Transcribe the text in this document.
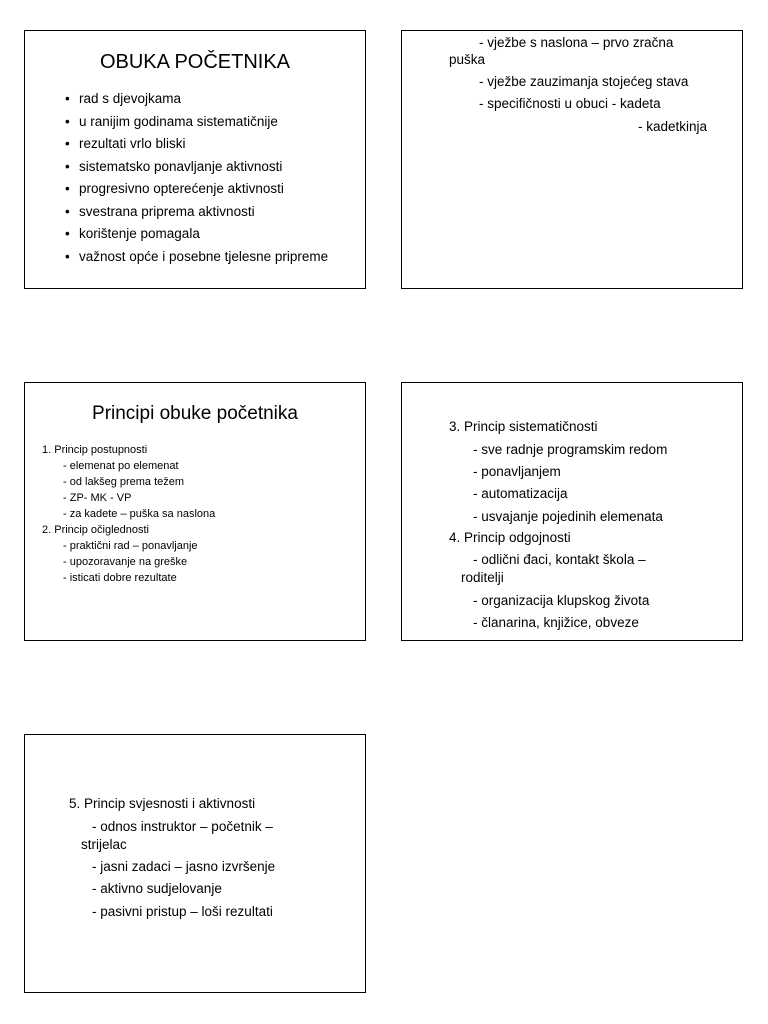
OBUKA POČETNIKA
• rad s djevojkama
• u ranijim godinama sistematičnije
• rezultati vrlo bliski
• sistematsko ponavljanje aktivnosti
• progresivno opterećenje aktivnosti
• svestrana priprema aktivnosti
• korištenje pomagala
• važnost opće i posebne tjelesne pripreme
- vježbe s naslona – prvo zračna
puška
- vježbe zauzimanja stojećeg stava
- specifičnosti u obuci - kadeta
- kadetkinja
Principi obuke početnika
1. Princip postupnosti
- elemenat po elemenat
- od lakšeg prema težem
- ZP- MK - VP
- za kadete – puška sa naslona
2. Princip očiglednosti
- praktični rad – ponavljanje
- upozoravanje na greške
- isticati dobre rezultate
3. Princip sistematičnosti
- sve radnje programskim redom
- ponavljanjem
- automatizacija
- usvajanje pojedinih elemenata
4. Princip odgojnosti
- odlični đaci, kontakt škola –
roditelji
- organizacija klupskog života
- članarina, knjižice, obveze
5. Princip svjesnosti i aktivnosti
- odnos instruktor – početnik –
strijelac
- jasni zadaci – jasno izvršenje
- aktivno sudjelovanje
- pasivni pristup – loši rezultati
